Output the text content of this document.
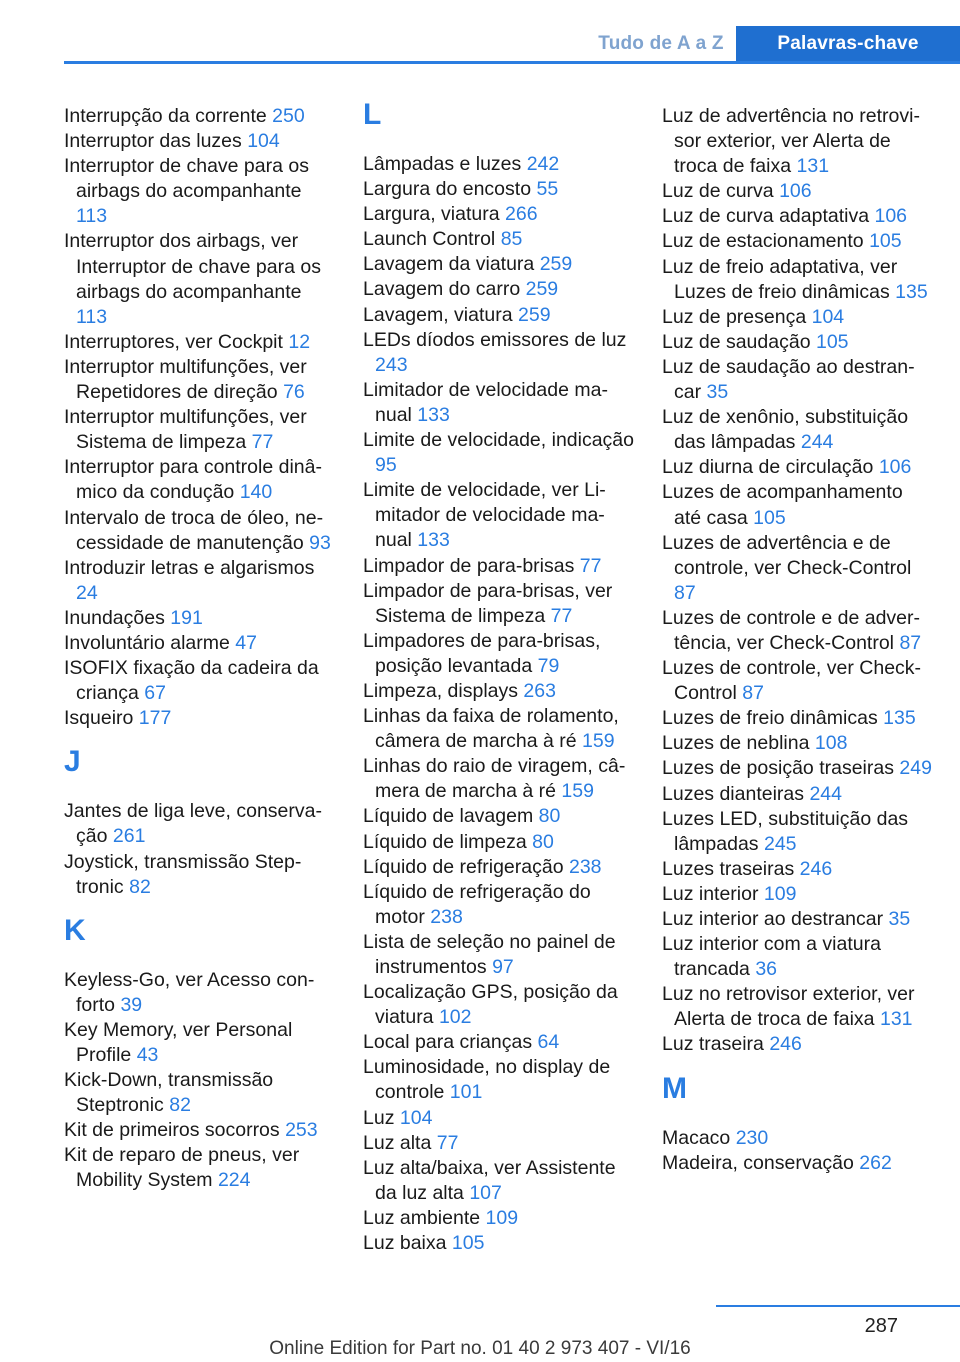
Tudo de A a Z	Palavras-chave

Interrupção da corrente 250

Interruptor das luzes 104

Interruptor de chave para os airbags do acompanhante 113

Interruptor dos airbags, ver Interruptor de chave para os airbags do acompanhante 113

Interruptores, ver Cockpit 12

Interruptor multifunções, ver Repetidores de direção 76

Interruptor multifunções, ver Sistema de limpeza 77

Interruptor para controle dinâmico da condução 140

Intervalo de troca de óleo, necessidade de manutenção 93

Introduzir letras e algarismos 24

Inundações 191

Involuntário alarme 47

ISOFIX fixação da cadeira da criança 67

Isqueiro 177

J

Jantes de liga leve, conservação 261

Joystick, transmissão Steptronic 82

K

Keyless-Go, ver Acesso conforto 39

Key Memory, ver Personal Profile 43

Kick-Down, transmissão Steptronic 82

Kit de primeiros socorros 253

Kit de reparo de pneus, ver Mobility System 224

L

Lâmpadas e luzes 242

Largura do encosto 55

Largura, viatura 266

Launch Control 85

Lavagem da viatura 259

Lavagem do carro 259

Lavagem, viatura 259

LEDs díodos emissores de luz 243

Limitador de velocidade manual 133

Limite de velocidade, indicação 95

Limite de velocidade, ver Limitador de velocidade manual 133

Limpador de para-brisas 77

Limpador de para-brisas, ver Sistema de limpeza 77

Limpadores de para-brisas, posição levantada 79

Limpeza, displays 263

Linhas da faixa de rolamento, câmera de marcha à ré 159

Linhas do raio de viragem, câmera de marcha à ré 159

Líquido de lavagem 80

Líquido de limpeza 80

Líquido de refrigeração 238

Líquido de refrigeração do motor 238

Lista de seleção no painel de instrumentos 97

Localização GPS, posição da viatura 102

Local para crianças 64

Luminosidade, no display de controle 101

Luz 104

Luz alta 77

Luz alta/baixa, ver Assistente da luz alta 107

Luz ambiente 109

Luz baixa 105

Luz de advertência no retrovisor exterior, ver Alerta de troca de faixa 131

Luz de curva 106

Luz de curva adaptativa 106

Luz de estacionamento 105

Luz de freio adaptativa, ver Luzes de freio dinâmicas 135

Luz de presença 104

Luz de saudação 105

Luz de saudação ao destrancar 35

Luz de xenônio, substituição das lâmpadas 244

Luz diurna de circulação 106

Luzes de acompanhamento até casa 105

Luzes de advertência e de controle, ver Check-Control 87

Luzes de controle e de advertência, ver Check-Control 87

Luzes de controle, ver Check-Control 87

Luzes de freio dinâmicas 135

Luzes de neblina 108

Luzes de posição traseiras 249

Luzes dianteiras 244

Luzes LED, substituição das lâmpadas 245

Luzes traseiras 246

Luz interior 109

Luz interior ao destrancar 35

Luz interior com a viatura trancada 36

Luz no retrovisor exterior, ver Alerta de troca de faixa 131

Luz traseira 246

M

Macaco 230

Madeira, conservação 262

287
Online Edition for Part no. 01 40 2 973 407 - VI/16
